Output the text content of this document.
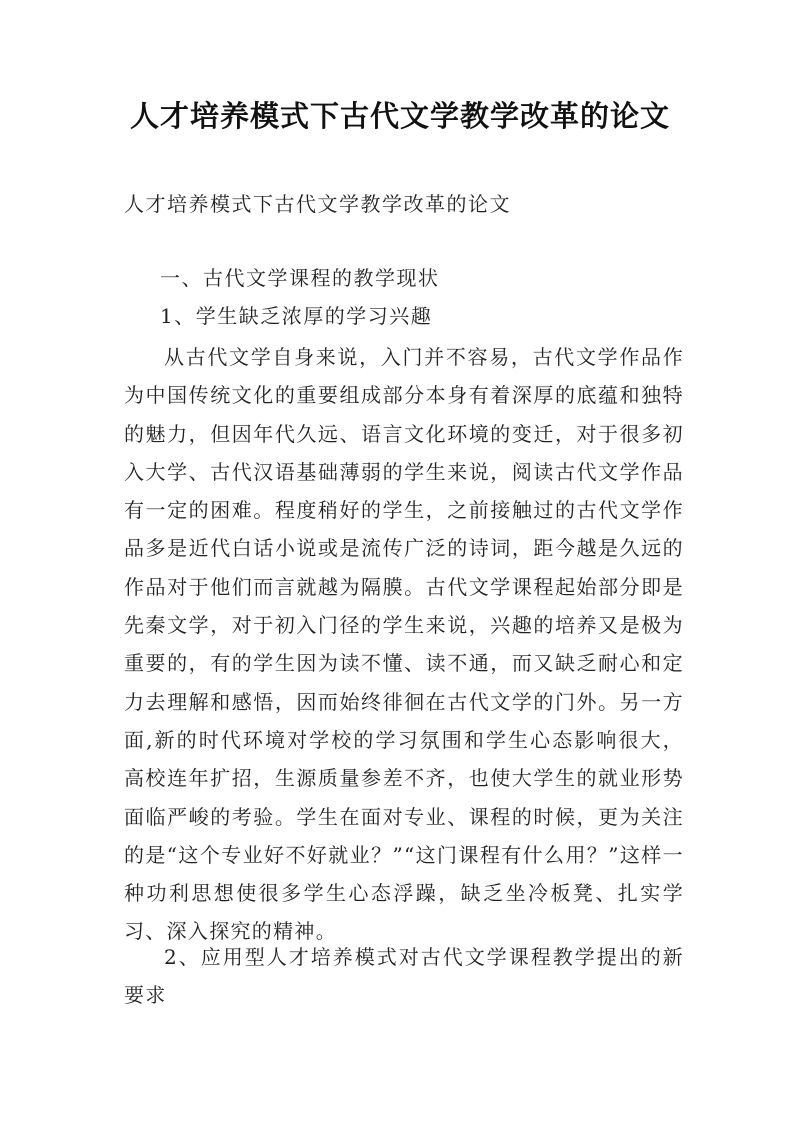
人才培养模式下古代文学教学改革的论文
人才培养模式下古代文学教学改革的论文
一、古代文学课程的教学现状
1、学生缺乏浓厚的学习兴趣

从古代文学自身来说，入门并不容易，古代文学作品作为中国传统文化的重要组成部分本身有着深厚的底蕴和独特的魅力，但因年代久远、语言文化环境的变迁，对于很多初入大学、古代汉语基础薄弱的学生来说，阅读古代文学作品有一定的困难。程度稍好的学生，之前接触过的古代文学作品多是近代白话小说或是流传广泛的诗词，距今越是久远的作品对于他们而言就越为隔膜。古代文学课程起始部分即是先秦文学，对于初入门径的学生来说，兴趣的培养又是极为重要的，有的学生因为读不懂、读不通，而又缺乏耐心和定力去理解和感悟，因而始终徘徊在古代文学的门外。另一方面,新的时代环境对学校的学习氛围和学生心态影响很大，高校连年扩招，生源质量参差不齐，也使大学生的就业形势面临严峻的考验。学生在面对专业、课程的时候，更为关注的是“这个专业好不好就业？”“这门课程有什么用？”这样一种功利思想使很多学生心态浮躁，缺乏坐冷板凳、扎实学习、深入探究的精神。

2、应用型人才培养模式对古代文学课程教学提出的新要求
